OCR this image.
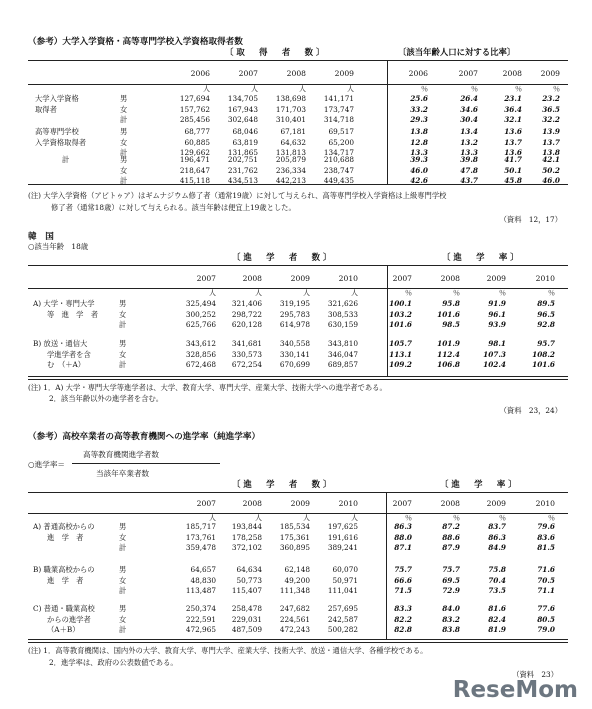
（参考）大学入学資格・高等専門学校入学資格取得者数
〔取　得　者　数〕	〔該当年齢人口に対する比率〕
2006	2007	2008	2009	2006	2007	2008	2009
人	人	人	人	％	％	％	％
大学入学資格
取得者
男	127,694	134,705	138,698	141,171	25.6	26.4	23.1	23.2
女	157,762	167,943	171,703	173,747	33.2	34.6	36.4	36.5
計	285,456	302,648	310,401	314,718	29.3	30.4	32.1	32.2
高等専門学校
入学資格取得者
男	68,777	68,046	67,181	69,517	13.8	13.4	13.6	13.9
女	60,885	63,819	64,632	65,200	12.8	13.2	13.7	13.7
計	129,662	131,865	131,813	134,717	13.3	13.3	13.6	13.8
計	男	196,471	202,751	205,879	210,688	39.3	39.8	41.7	42.1
女	218,647	231,762	236,334	238,747	46.0	47.8	50.1	50.2
計	415,118	434,513	442,213	449,435	42.6	43.7	45.8	46.0
(注) 大学入学資格（アビトゥア）はギムナジウム修了者（通常19歳）に対して与えられ、高等専門学校入学資格は上級専門学校
修了者（通常18歳）に対して与えられる。該当年齢は便宜上19歳とした。
（資料　12，17）
韓　国
○該当年齢　18歳
〔進　学　者　数〕	〔進　学　率〕
2007	2008	2009	2010	2007	2008	2009	2010
人	人	人	人	％	％	％	％
A) 大学・専門大学
等　進　学　者
男	325,494	321,406	319,195	321,626	100.1	95.8	91.9	89.5
女	300,252	298,722	295,783	308,533	103.2	101.6	96.1	96.5
計	625,766	620,128	614,978	630,159	101.6	98.5	93.9	92.8
B) 放送・通信大
学進学者を含
む　（＋A）
男	343,612	341,681	340,558	343,810	105.7	101.9	98.1	95.7
女	328,856	330,573	330,141	346,047	113.1	112.4	107.3	108.2
計	672,468	672,254	670,699	689,857	109.2	106.8	102.4	101.6
(注) 1．A) 大学・専門大学等進学者は、大学、教育大学、専門大学、産業大学、技術大学への進学者である。
2．該当年齢以外の進学者を含む。
（資料　23，24）
（参考）高校卒業者の高等教育機関への進学率（純進学率）
○進学率＝
高等教育機関進学者数
当該年卒業者数
〔進　学　者　数〕	〔進　学　率〕
2007	2008	2009	2010	2007	2008	2009	2010
人	人	人	人	％	％	％	％
A) 普通高校からの
進　学　者
男	185,717	193,844	185,534	197,625	86.3	87.2	83.7	79.6
女	173,761	178,258	175,361	191,616	88.0	88.6	86.3	83.6
計	359,478	372,102	360,895	389,241	87.1	87.9	84.9	81.5
B) 職業高校からの
進　学　者
男	64,657	64,634	62,148	60,070	75.7	75.7	75.8	71.6
女	48,830	50,773	49,200	50,971	66.6	69.5	70.4	70.5
計	113,487	115,407	111,348	111,041	71.5	72.9	73.5	71.1
C) 普通・職業高校
からの進学者
（A＋B）
男	250,374	258,478	247,682	257,695	83.3	84.0	81.6	77.6
女	222,591	229,031	224,561	242,587	82.2	83.2	82.4	80.5
計	472,965	487,509	472,243	500,282	82.8	83.8	81.9	79.0
(注) 1．高等教育機関は、国内外の大学、教育大学、専門大学、産業大学、技術大学、放送・通信大学、各種学校である。
2．進学率は、政府の公表数値である。
（資料　23）
ReseMom
